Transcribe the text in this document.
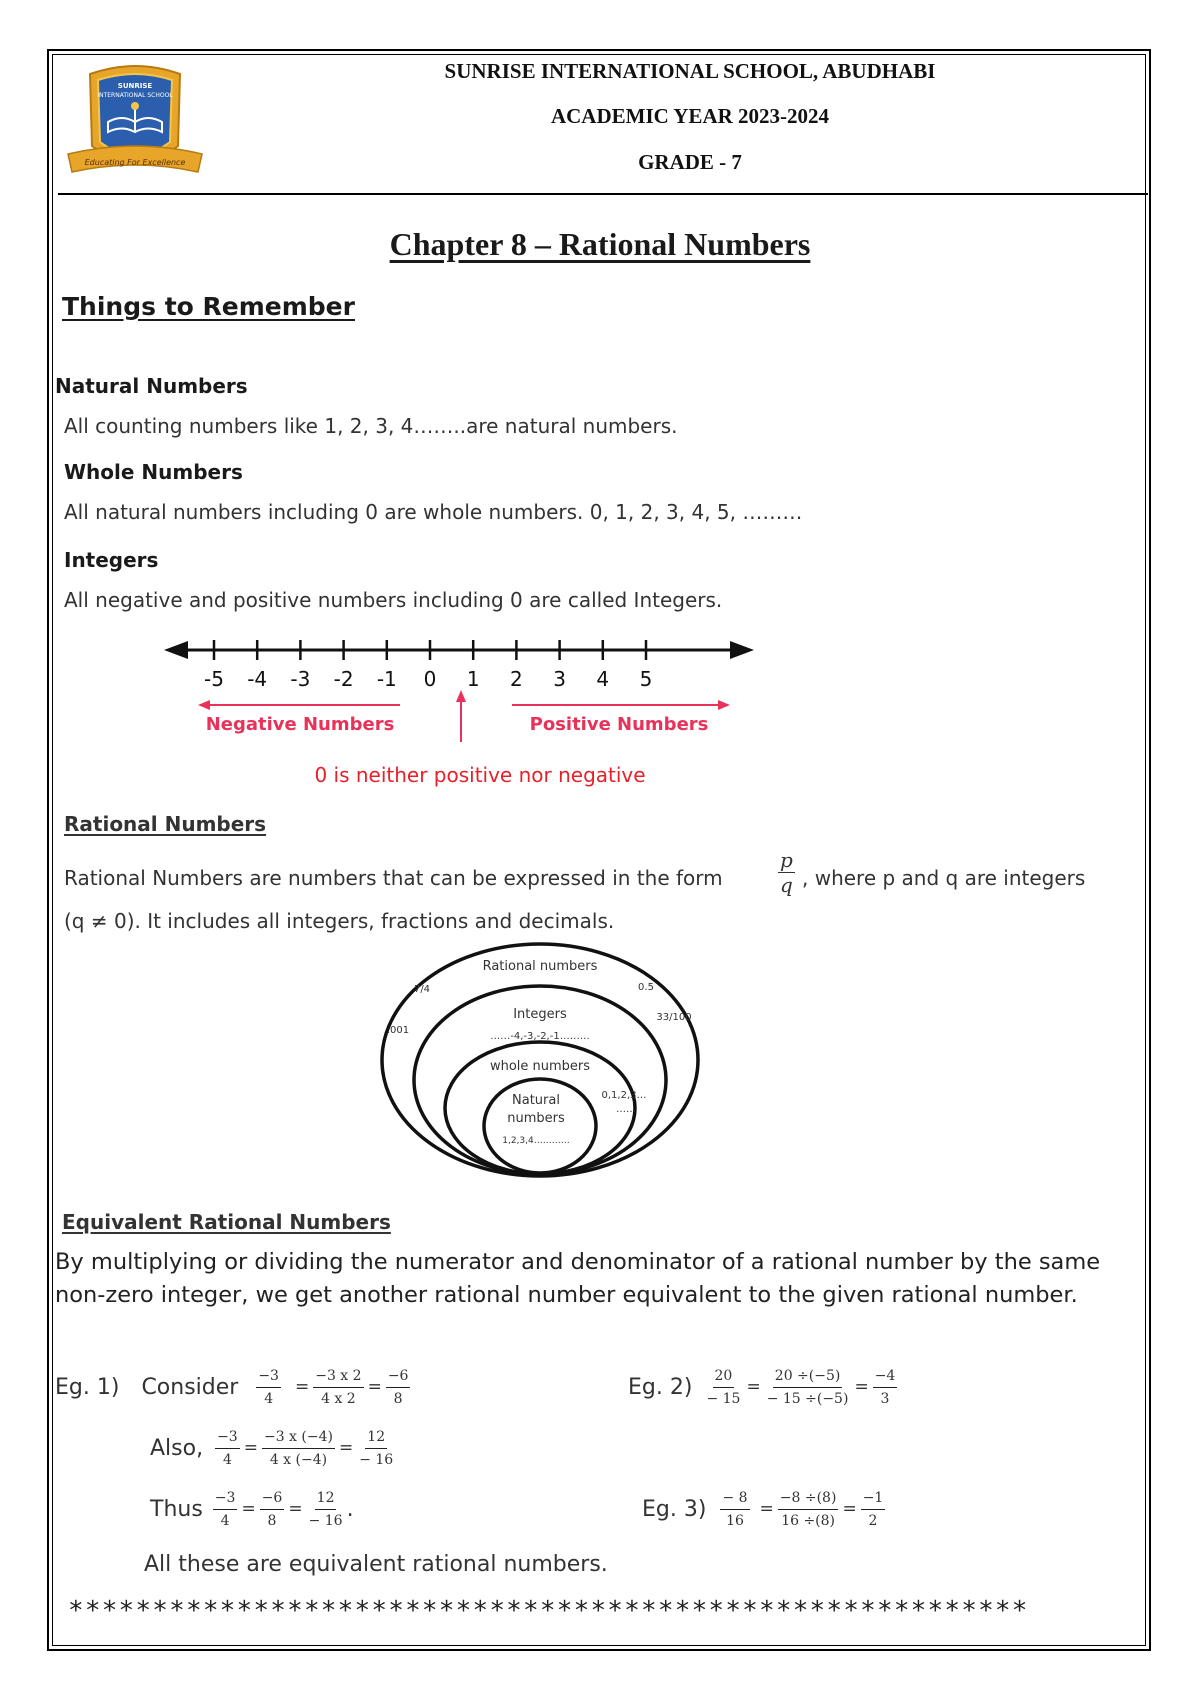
SUNRISE
INTERNATIONAL SCHOOL
Educating For Excellence
SUNRISE INTERNATIONAL SCHOOL, ABUDHABI
ACADEMIC YEAR 2023-2024
GRADE - 7
Chapter 8 – Rational Numbers
Things to Remember
Natural Numbers
All counting numbers like 1, 2, 3, 4……..are natural numbers.
Whole Numbers
All natural numbers including 0 are whole numbers. 0, 1, 2, 3, 4, 5, ………
Integers
All negative and positive numbers including 0 are called Integers.
-5 -4 -3 -2 -1 0 1 2 3 4 5
Negative Numbers	Positive Numbers
0 is neither positive nor negative
Rational Numbers
Rational Numbers are numbers that can be expressed in the form
p
q , where p and q are integers
(q ≠ 0). It includes all integers, fractions and decimals.
Rational numbers
7/4	0.5
.001
33/100
Integers
……-4,-3,-2,-1………
whole numbers
0,1,2,3…
……
Natural
numbers
1,2,3,4…………
Equivalent Rational Numbers
By multiplying or dividing the numerator and denominator of a rational number by the same non-zero integer, we get another rational number equivalent to the given rational number.
Eg. 1) Consider $\frac{-3}{4} = \frac{-3 x 2}{4 x 2} = \frac{-6}{8}$
Also, $\frac{-3}{4} = \frac{-3 x (-4)}{4 x (-4)} = \frac{12}{- 16}$
Thus $\frac{-3}{4} = \frac{-6}{8} = \frac{12}{- 16}$ .
Eg. $2) \frac{20}{- 15} = \frac{20 \div(-5)}{- 15 \div(-5)} = \frac{-4}{3}$
Eg. $3) \frac{- 8}{16} = \frac{-8 \div(8)}{16 \div(8)} = \frac{-1}{2}$
All these are equivalent rational numbers.
*********************************************************
